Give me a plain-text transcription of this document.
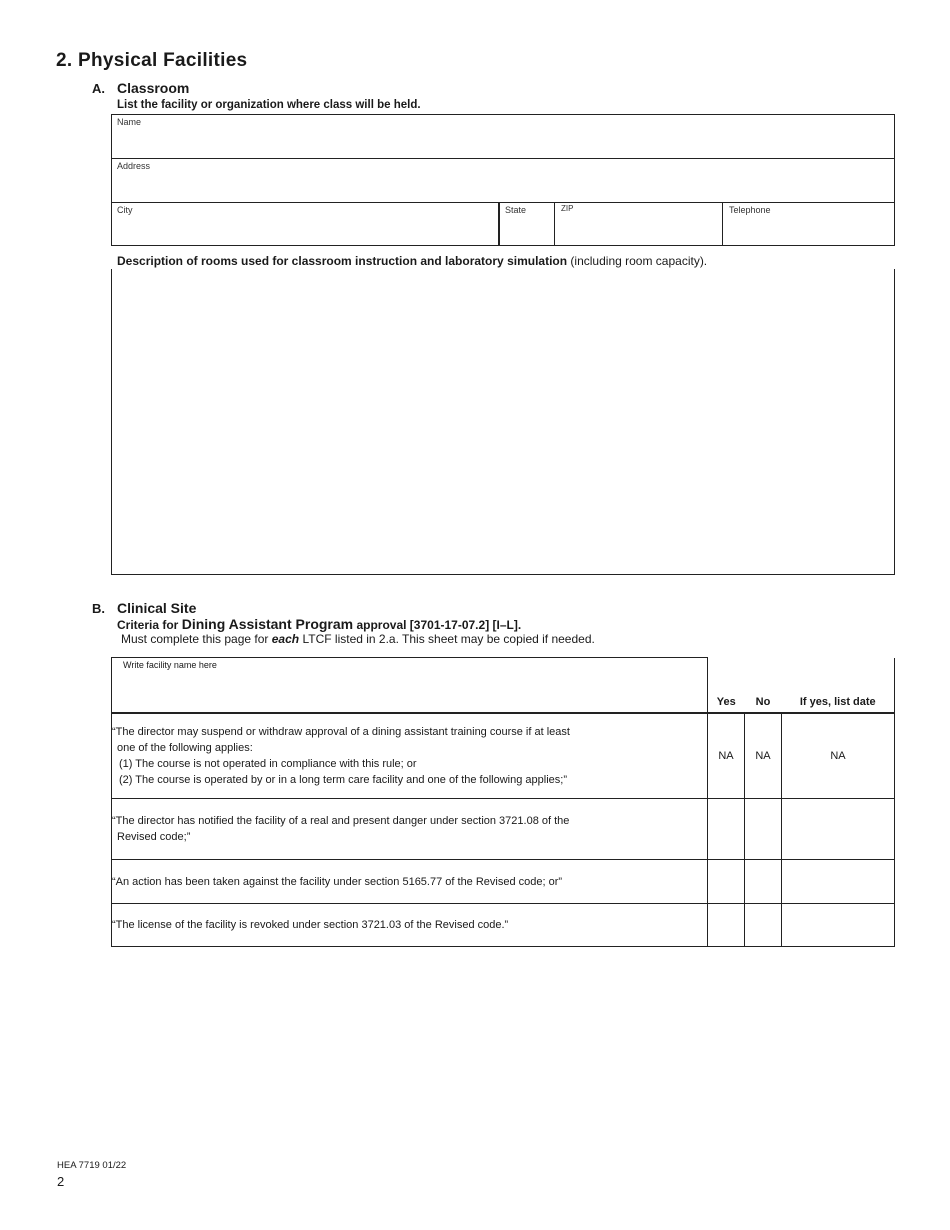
2. Physical Facilities
A. Classroom
List the facility or organization where class will be held.
Name
Address
City	State	ZIP	Telephone
Description of rooms used for classroom instruction and laboratory simulation (including room capacity).
B. Clinical Site
Criteria for Dining Assistant Program approval [3701-17-07.2] [I–L].
Must complete this page for each LTCF listed in 2.a. This sheet may be copied if needed.
Write facility name here	Yes	No	If yes, list date

“The director may suspend or withdraw approval of a dining assistant training course if at least
one of the following applies:
(1) The course is not operated in compliance with this rule; or
(2) The course is operated by or in a long term care facility and one of the following applies;”	NA	NA	NA

“The director has notified the facility of a real and present danger under section 3721.08 of the
Revised code;”			

“An action has been taken against the facility under section 5165.77 of the Revised code; or”			

“The license of the facility is revoked under section 3721.03 of the Revised code.”			

HEA 7719 01/22
2
